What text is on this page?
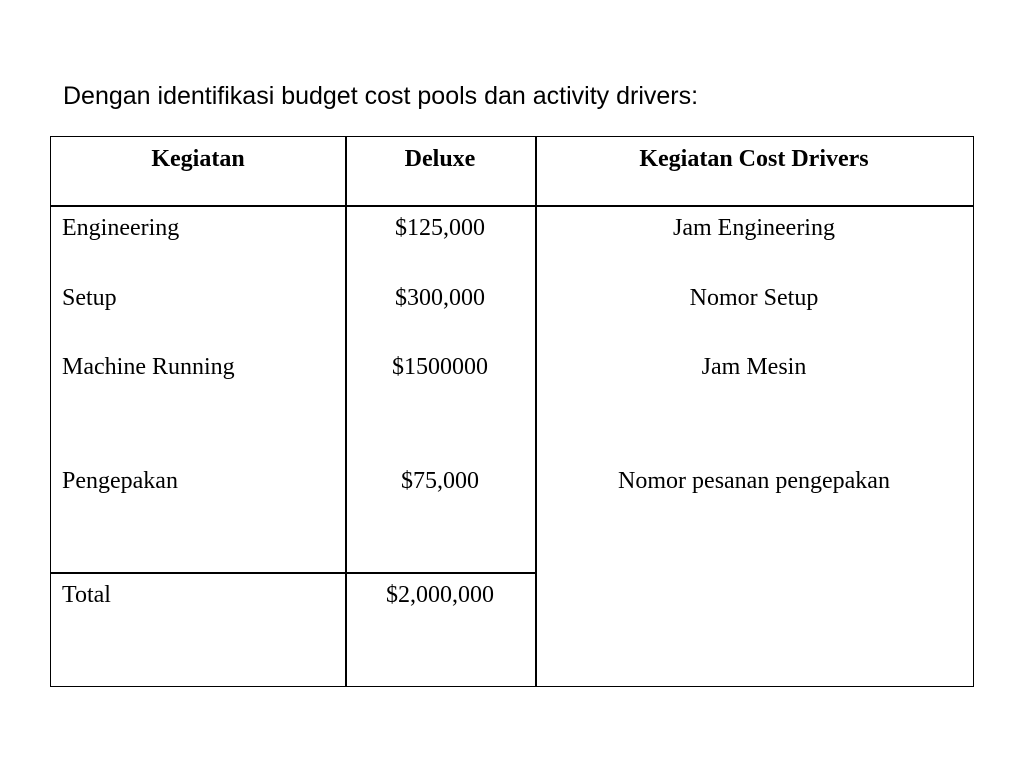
Dengan identifikasi budget cost pools dan activity drivers:

Kegiatan	Deluxe	Kegiatan Cost Drivers
Engineering	$125,000	Jam Engineering
Setup	$300,000	Nomor Setup
Machine Running	$1500000	Jam Mesin
Pengepakan	$75,000	Nomor pesanan pengepakan
Total	$2,000,000
